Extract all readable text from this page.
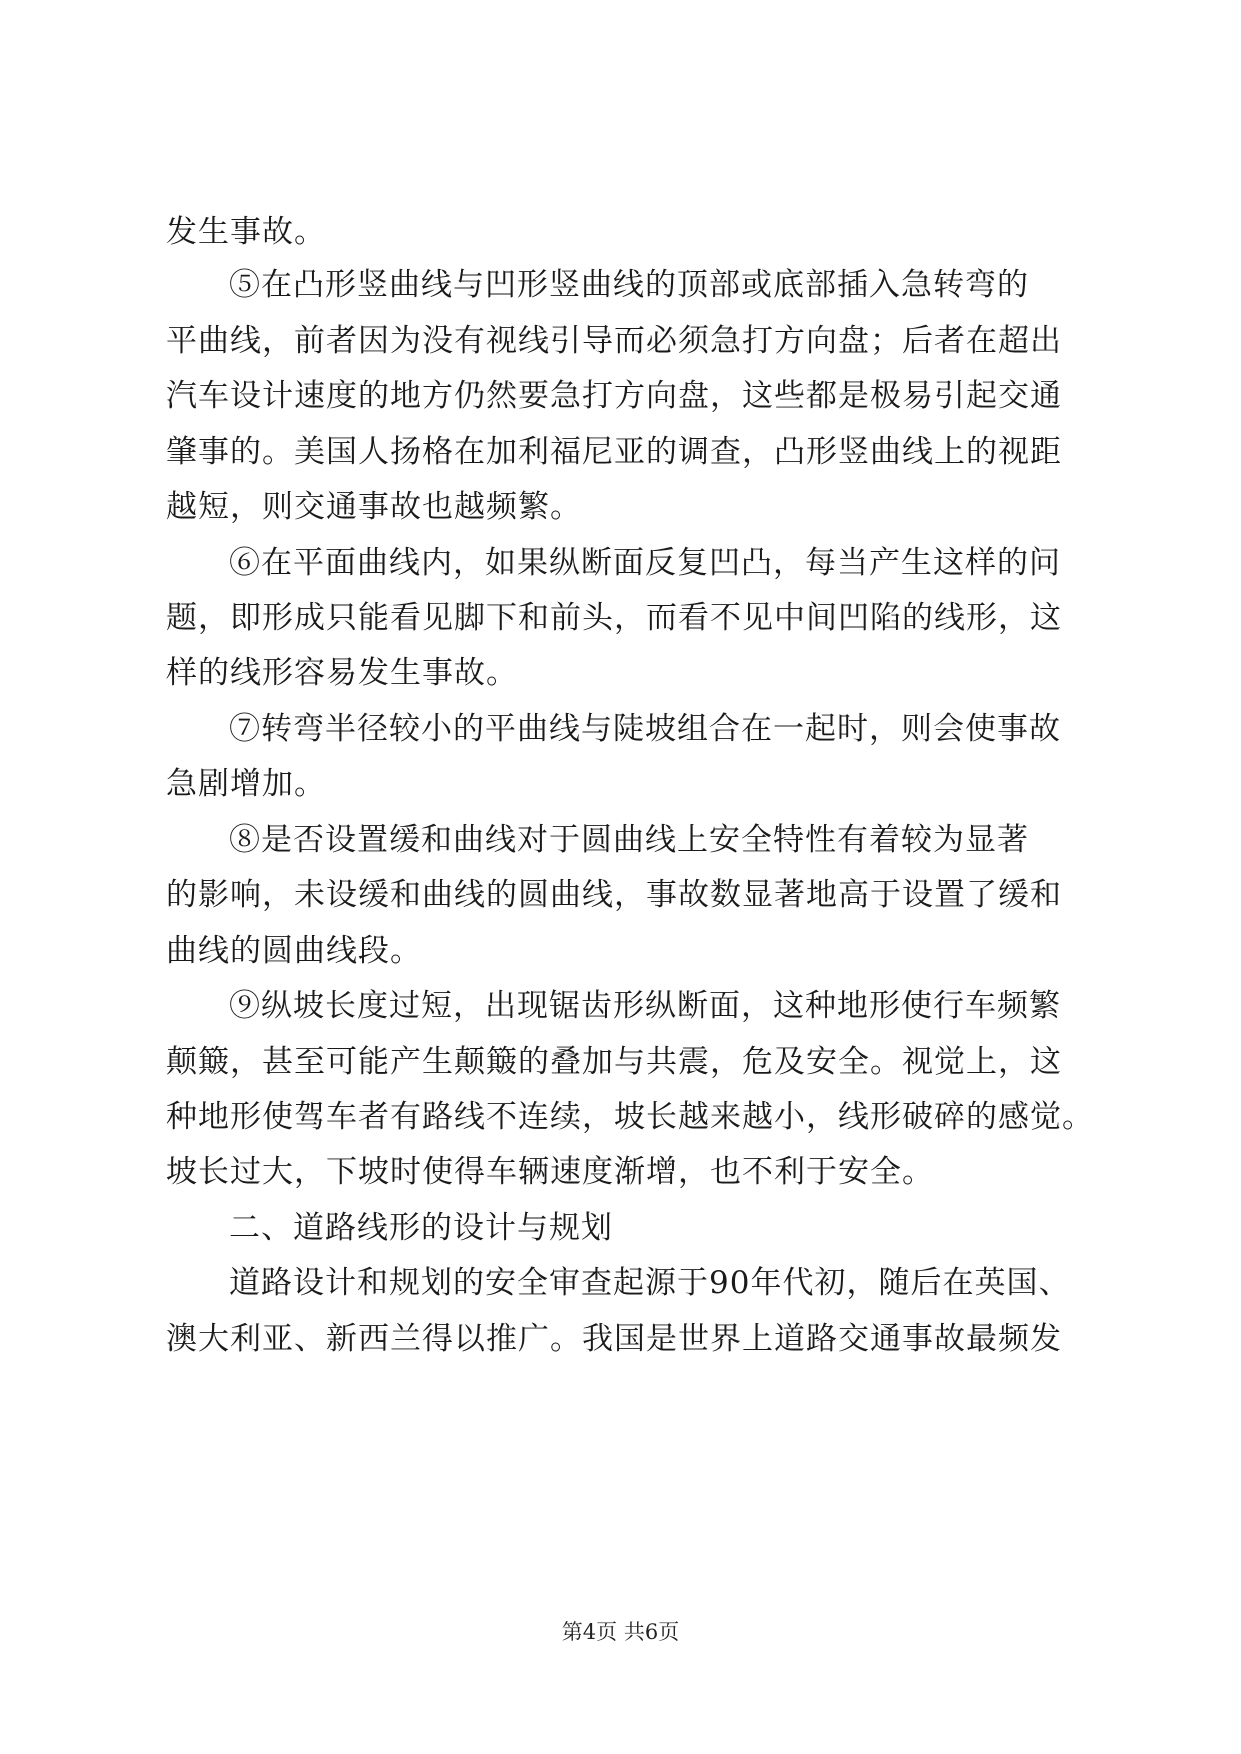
发生事故。
⑤在凸形竖曲线与凹形竖曲线的顶部或底部插入急转弯的
平曲线，前者因为没有视线引导而必须急打方向盘；后者在超出
汽车设计速度的地方仍然要急打方向盘，这些都是极易引起交通
肇事的。美国人扬格在加利福尼亚的调查，凸形竖曲线上的视距
越短，则交通事故也越频繁。
⑥在平面曲线内，如果纵断面反复凹凸，每当产生这样的问
题，即形成只能看见脚下和前头，而看不见中间凹陷的线形，这
样的线形容易发生事故。
⑦转弯半径较小的平曲线与陡坡组合在一起时，则会使事故
急剧增加。
⑧是否设置缓和曲线对于圆曲线上安全特性有着较为显著
的影响，未设缓和曲线的圆曲线，事故数显著地高于设置了缓和
曲线的圆曲线段。
⑨纵坡长度过短，出现锯齿形纵断面，这种地形使行车频繁
颠簸，甚至可能产生颠簸的叠加与共震，危及安全。视觉上，这
种地形使驾车者有路线不连续，坡长越来越小，线形破碎的感觉。
坡长过大，下坡时使得车辆速度渐增，也不利于安全。
二、道路线形的设计与规划
道路设计和规划的安全审查起源于90年代初，随后在英国、
澳大利亚、新西兰得以推广。我国是世界上道路交通事故最频发
第4页 共6页
